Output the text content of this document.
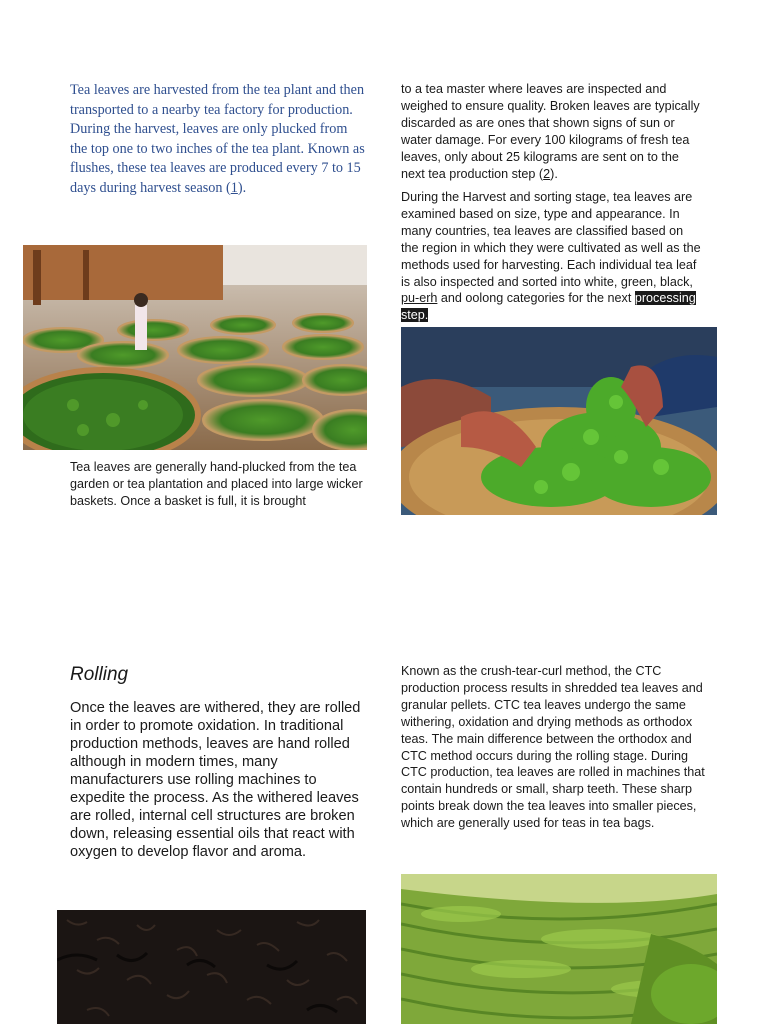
Tea leaves are harvested from the tea plant and then transported to a nearby tea factory for production. During the harvest, leaves are only plucked from the top one to two inches of the tea plant. Known as flushes, these tea leaves are produced every 7 to 15 days during harvest season (1).
Tea leaves are generally hand-plucked from the tea garden or tea plantation and placed into large wicker baskets. Once a basket is full, it is brought
to a tea master where leaves are inspected and weighed to ensure quality. Broken leaves are typically discarded as are ones that shown signs of sun or water damage. For every 100 kilograms of fresh tea leaves, only about 25 kilograms are sent on to the next tea production step (2).
During the Harvest and sorting stage, tea leaves are examined based on size, type and appearance. In many countries, tea leaves are classified based on the region in which they were cultivated as well as the methods used for harvesting. Each individual tea leaf is also inspected and sorted into white, green, black, pu-erh and oolong categories for the next processing step.
Rolling
Once the leaves are withered, they are rolled in order to promote oxidation. In traditional production methods, leaves are hand rolled although in modern times, many manufacturers use rolling machines to expedite the process. As the withered leaves are rolled, internal cell structures are broken down, releasing essential oils that react with oxygen to develop flavor and aroma.
Known as the crush-tear-curl method, the CTC production process results in shredded tea leaves and granular pellets. CTC tea leaves undergo the same withering, oxidation and drying methods as orthodox teas. The main difference between the orthodox and CTC method occurs during the rolling stage. During CTC production, tea leaves are rolled in machines that contain hundreds or small, sharp teeth. These sharp points break down the tea leaves into smaller pieces, which are generally used for teas in tea bags.
